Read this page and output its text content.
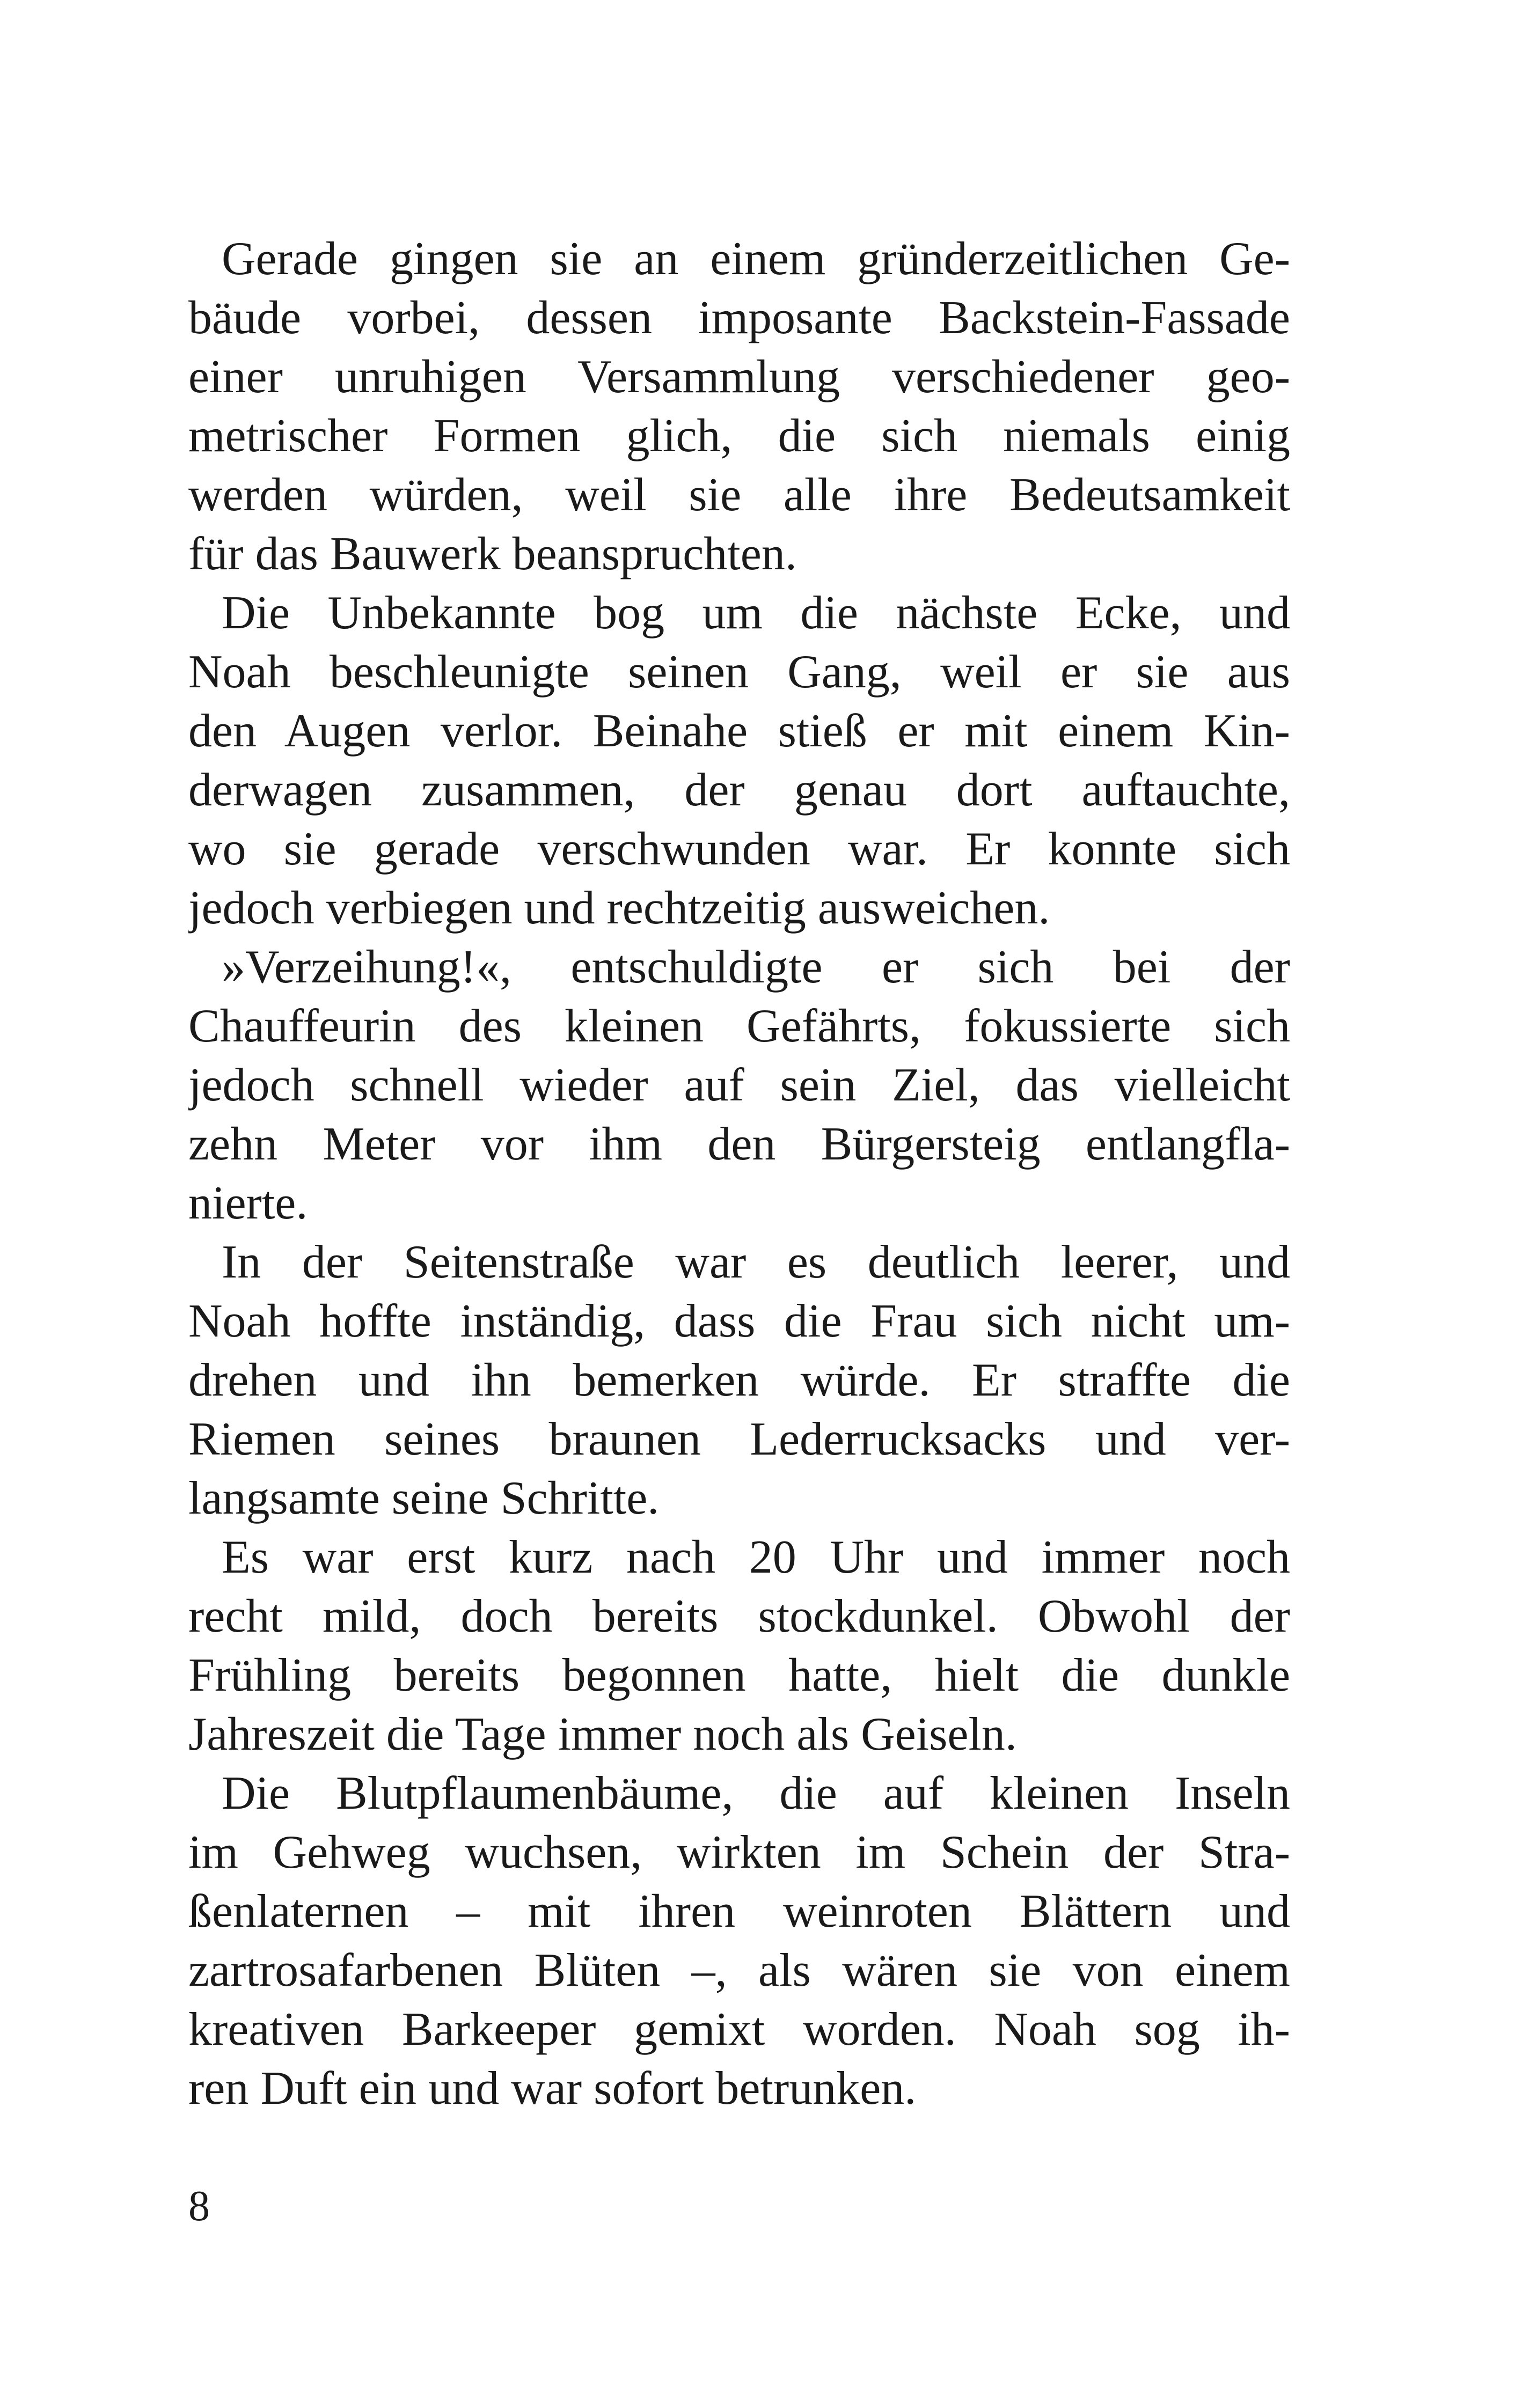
Gerade gingen sie an einem gründerzeitlichen Ge-
bäude vorbei, dessen imposante Backstein-Fassade
einer unruhigen Versammlung verschiedener geo-
metrischer Formen glich, die sich niemals einig
werden würden, weil sie alle ihre Bedeutsamkeit
für das Bauwerk beanspruchten.
Die Unbekannte bog um die nächste Ecke, und
Noah beschleunigte seinen Gang, weil er sie aus
den Augen verlor. Beinahe stieß er mit einem Kin-
derwagen zusammen, der genau dort auftauchte,
wo sie gerade verschwunden war. Er konnte sich
jedoch verbiegen und rechtzeitig ausweichen.
»Verzeihung!«, entschuldigte er sich bei der
Chauffeurin des kleinen Gefährts, fokussierte sich
jedoch schnell wieder auf sein Ziel, das vielleicht
zehn Meter vor ihm den Bürgersteig entlangfla-
nierte.
In der Seitenstraße war es deutlich leerer, und
Noah hoffte inständig, dass die Frau sich nicht um-
drehen und ihn bemerken würde. Er straffte die
Riemen seines braunen Lederrucksacks und ver-
langsamte seine Schritte.
Es war erst kurz nach 20 Uhr und immer noch
recht mild, doch bereits stockdunkel. Obwohl der
Frühling bereits begonnen hatte, hielt die dunkle
Jahreszeit die Tage immer noch als Geiseln.
Die Blutpflaumenbäume, die auf kleinen Inseln
im Gehweg wuchsen, wirkten im Schein der Stra-
ßenlaternen – mit ihren weinroten Blättern und
zartrosafarbenen Blüten –, als wären sie von einem
kreativen Barkeeper gemixt worden. Noah sog ih-
ren Duft ein und war sofort betrunken.
8
